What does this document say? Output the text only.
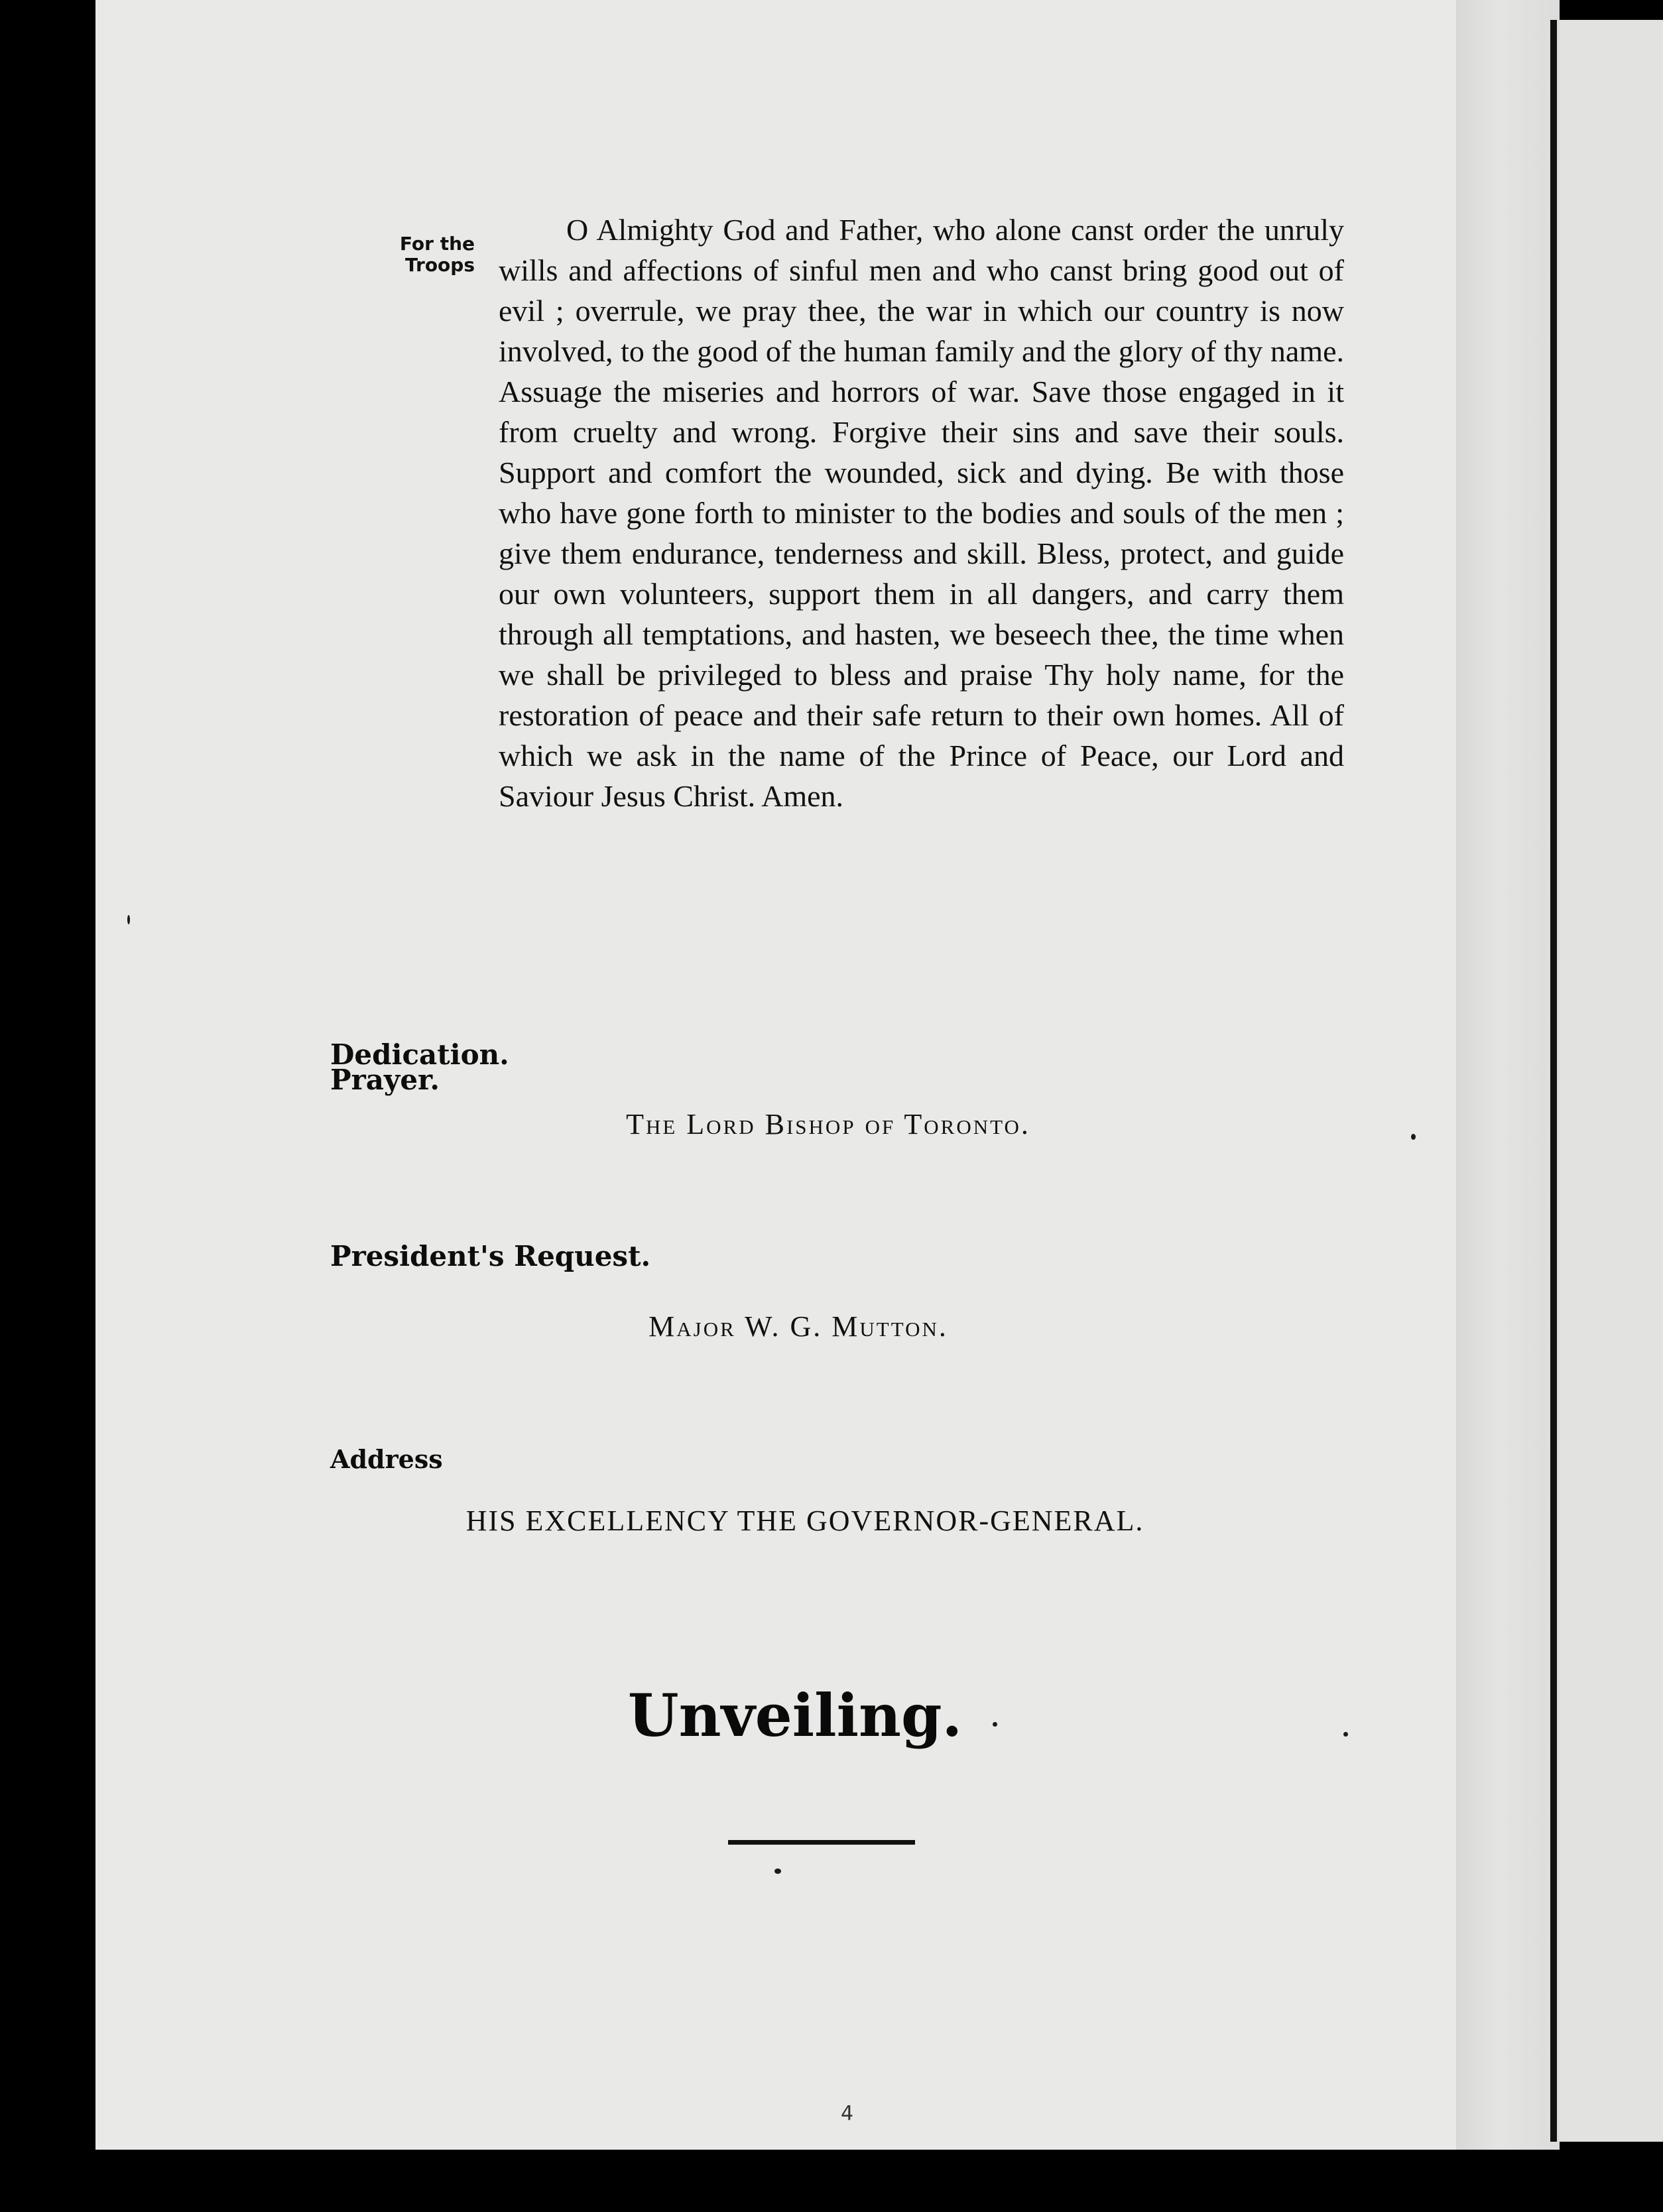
For the
Troops

O Almighty God and Father, who alone canst order the unruly wills and affections of sinful men and who canst bring good out of evil ; overrule, we pray thee, the war in which our country is now involved, to the good of the human family and the glory of thy name. Assuage the miseries and horrors of war. Save those engaged in it from cruelty and wrong. Forgive their sins and save their souls. Support and comfort the wounded, sick and dying. Be with those who have gone forth to minister to the bodies and souls of the men ; give them endurance, tenderness and skill. Bless, protect, and guide our own volunteers, support them in all dangers, and carry them through all temptations, and hasten, we beseech thee, the time when we shall be privileged to bless and praise Thy holy name, for the restoration of peace and their safe return to their own homes. All of which we ask in the name of the Prince of Peace, our Lord and Saviour Jesus Christ. Amen.

Dedication.
Prayer.
The Lord Bishop of Toronto.
President's Request.
Major W. G. Mutton.
Address
HIS EXCELLENCY THE GOVERNOR-GENERAL.
Unveiling.
4
